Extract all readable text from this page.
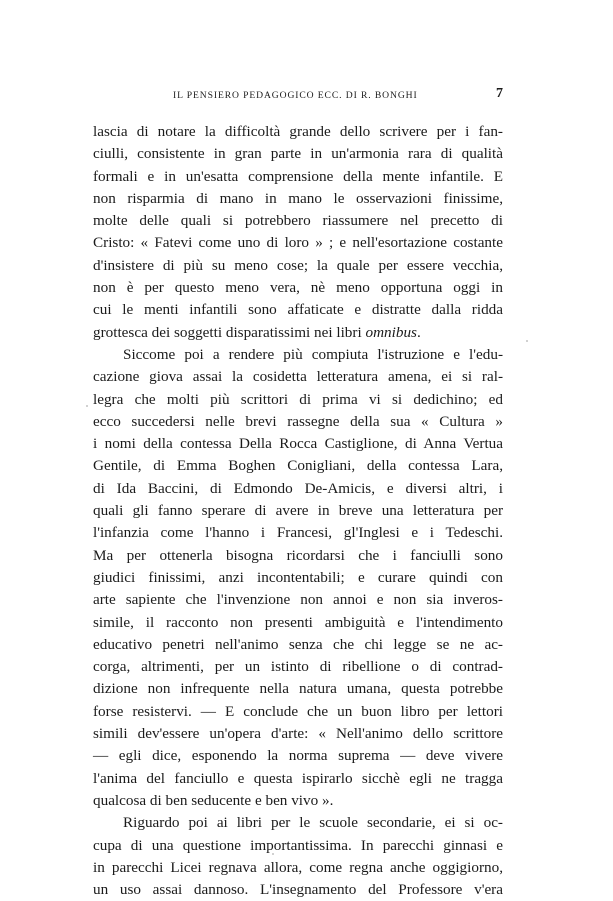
IL PENSIERO PEDAGOGICO ECC. DI R. BONGHI	7
lascia di notare la difficoltà grande dello scrivere per i fan-
ciulli, consistente in gran parte in un'armonia rara di qualità
formali e in un'esatta comprensione della mente infantile. E
non risparmia di mano in mano le osservazioni finissime,
molte delle quali si potrebbero riassumere nel precetto di
Cristo: « Fatevi come uno di loro » ; e nell'esortazione costante
d'insistere di più su meno cose; la quale per essere vecchia,
non è per questo meno vera, nè meno opportuna oggi in
cui le menti infantili sono affaticate e distratte dalla ridda
grottesca dei soggetti disparatissimi nei libri omnibus.
Siccome poi a rendere più compiuta l'istruzione e l'edu-
cazione giova assai la cosidetta letteratura amena, ei si ral-
legra che molti più scrittori di prima vi si dedichino; ed
ecco succedersi nelle brevi rassegne della sua « Cultura »
i nomi della contessa Della Rocca Castiglione, di Anna Vertua
Gentile, di Emma Boghen Conigliani, della contessa Lara,
di Ida Baccini, di Edmondo De-Amicis, e diversi altri, i
quali gli fanno sperare di avere in breve una letteratura per
l'infanzia come l'hanno i Francesi, gl'Inglesi e i Tedeschi.
Ma per ottenerla bisogna ricordarsi che i fanciulli sono
giudici finissimi, anzi incontentabili; e curare quindi con
arte sapiente che l'invenzione non annoi e non sia inveros-
simile, il racconto non presenti ambiguità e l'intendimento
educativo penetri nell'animo senza che chi legge se ne ac-
corga, altrimenti, per un istinto di ribellione o di contrad-
dizione non infrequente nella natura umana, questa potrebbe
forse resistervi. — E conclude che un buon libro per lettori
simili dev'essere un'opera d'arte: « Nell'animo dello scrittore
— egli dice, esponendo la norma suprema — deve vivere
l'anima del fanciullo e questa ispirarlo sicchè egli ne tragga
qualcosa di ben seducente e ben vivo ».
Riguardo poi ai libri per le scuole secondarie, ei si oc-
cupa di una questione importantissima. In parecchi ginnasi e
in parecchi Licei regnava allora, come regna anche oggigiorno,
un uso assai dannoso. L'insegnamento del Professore v'era
